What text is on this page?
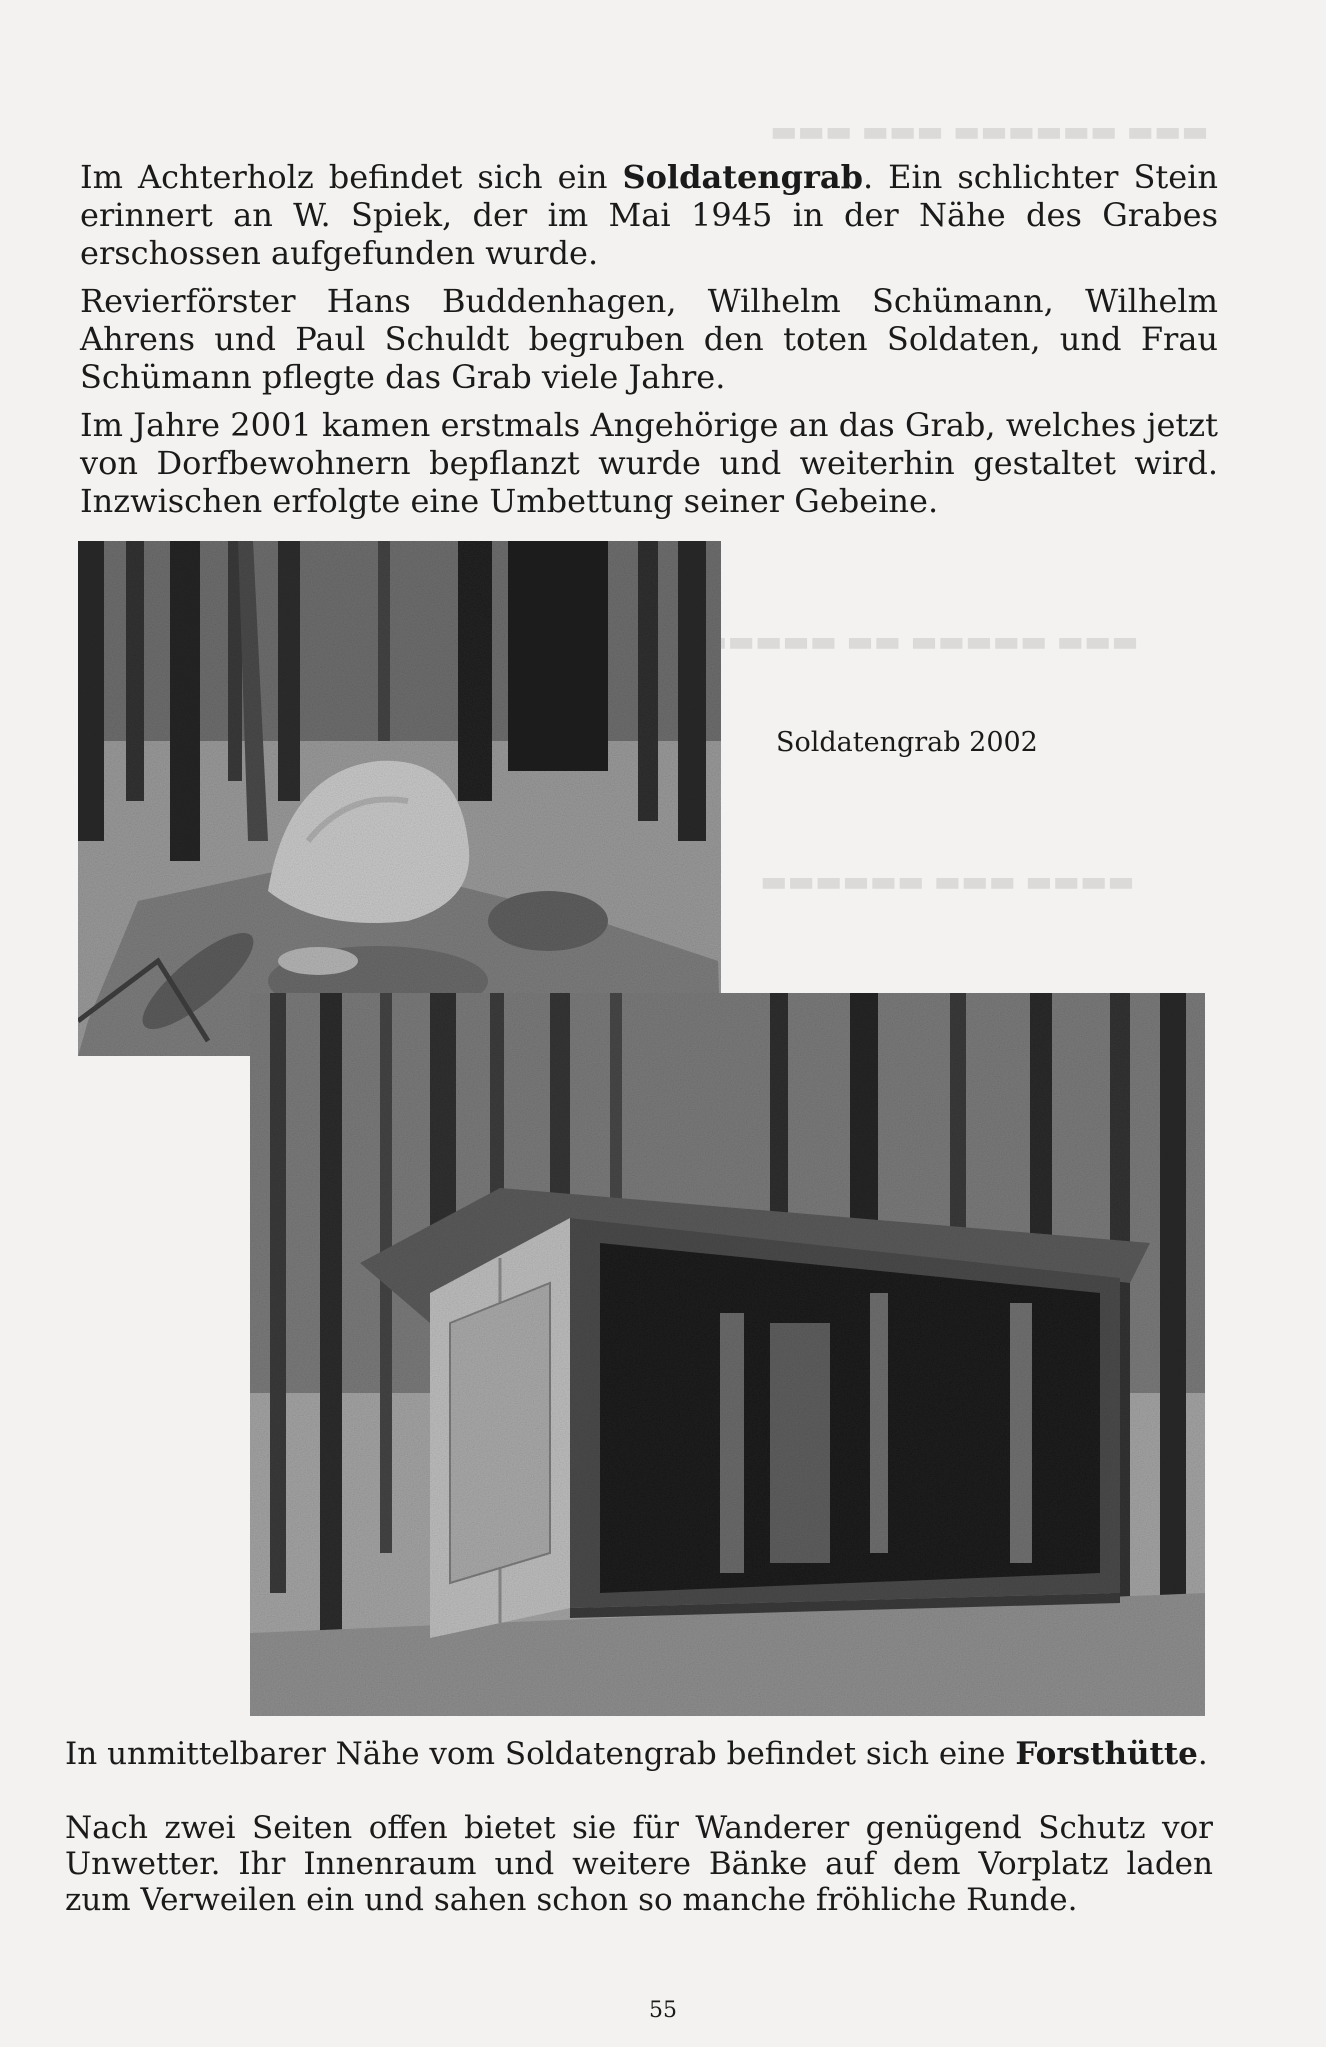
▬▬▬ ▬▬▬▬▬▬ ▬▬▬ ▬▬▬
▬▬▬ ▬▬▬▬▬ ▬▬ ▬▬▬▬▬
▬▬▬▬ ▬▬▬ ▬▬▬▬▬▬

Im Achterholz befindet sich ein Soldatengrab. Ein schlichter Stein erinnert an W. Spiek, der im Mai 1945 in der Nähe des Grabes erschossen aufgefunden wurde.

Revierförster Hans Buddenhagen, Wilhelm Schümann, Wilhelm Ahrens und Paul Schuldt begruben den toten Soldaten, und Frau Schümann pflegte das Grab viele Jahre.

Im Jahre 2001 kamen erstmals Angehörige an das Grab, welches jetzt von Dorfbewohnern bepflanzt wurde und weiterhin gestaltet wird. Inzwischen erfolgte eine Umbettung seiner Gebeine.

Soldatengrab 2002

In unmittelbarer Nähe vom Soldatengrab befindet sich eine Forsthütte.

Nach zwei Seiten offen bietet sie für Wanderer genügend Schutz vor Unwetter. Ihr Innenraum und weitere Bänke auf dem Vorplatz laden zum Verweilen ein und sahen schon so manche fröhliche Runde.

55
